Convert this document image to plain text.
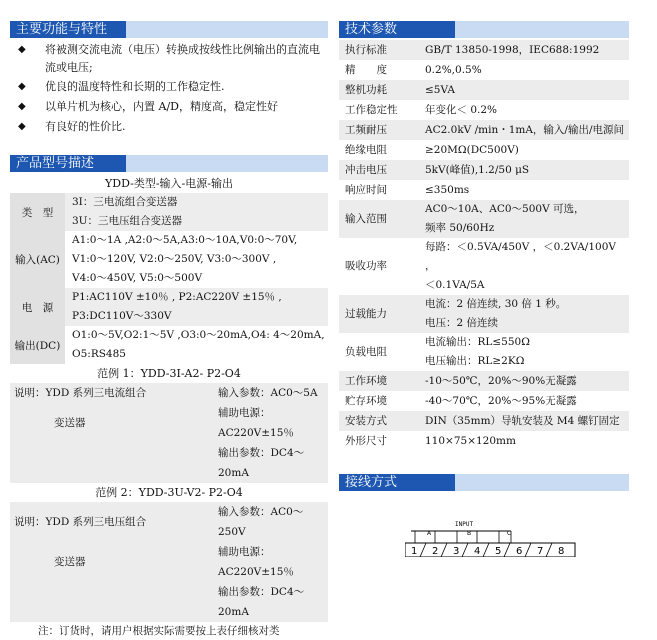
主要功能与特性
◆ 将被测交流电流（电压）转换成按线性比例输出的直流电流或电压;
◆ 优良的温度特性和长期的工作稳定性.
◆ 以单片机为核心，内置 A/D，精度高，稳定性好
◆ 有良好的性价比.
产品型号描述
YDD-类型-输入-电源-输出
类　型	3I：三电流组合变送器
3U：三电压组合变送器

输入(AC)	A1:0～1A ,A2:0～5A,A3:0～10A,V0:0～70V,
V1:0～120V, V2:0～250V, V3:0～300V ,
V4:0～450V, V5:0～500V

电　源	P1:AC110V ±10％ , P2:AC220V ±15％ ,
P3:DC110V～330V

输出(DC)	O1:0～5V,O2:1～5V ,O3:0～20mA,O4: 4～20mA,
O5:RS485
范例 1：YDD-3I-A2- P2-O4
说明：YDD 系列三电流组合	输入参数：AC0～5A
变送器	辅助电源：AC220V±15％
	输出参数：DC4～20mA
范例 2：YDD-3U-V2- P2-O4
说明：YDD 系列三电压组合	输入参数：AC0～250V
变送器	辅助电源：AC220V±15％
	输出参数：DC4～20mA
注：订货时，请用户根据实际需要按上表仔细核对类
技术参数
执行标准	GB/T 13850-1998，IEC688:1992
精　　度	0.2%,0.5%
整机功耗	≤5VA
工作稳定性	年变化＜ 0.2%
工频耐压	AC2.0kV /min・1mA，输入/输出/电源间
绝缘电阻	≥20MΩ(DC500V)
冲击电压	5kV(峰值),1.2/50 μS
响应时间	≤350ms
输入范围	AC0～10A、AC0～500V 可选，
频率 50/60Hz

吸收功率	每路：＜0.5VA/450V ，＜0.2VA/100V ，
＜0.1VA/5A

过载能力	电流：2 倍连续, 30 倍 1 秒。
电压：2 倍连续

负载电阻	电流输出：RL≤550Ω
电压输出：RL≥2KΩ

工作环境	-10～50℃，20%～90%无凝露
贮存环境	-40～70℃，20%～95%无凝露
安装方式	DIN（35mm）导轨安装及 M4 螺钉固定
外形尺寸	110×75×120mm
接线方式
INPUT
A	B	C
1 2 3 4 5 6 7 8
